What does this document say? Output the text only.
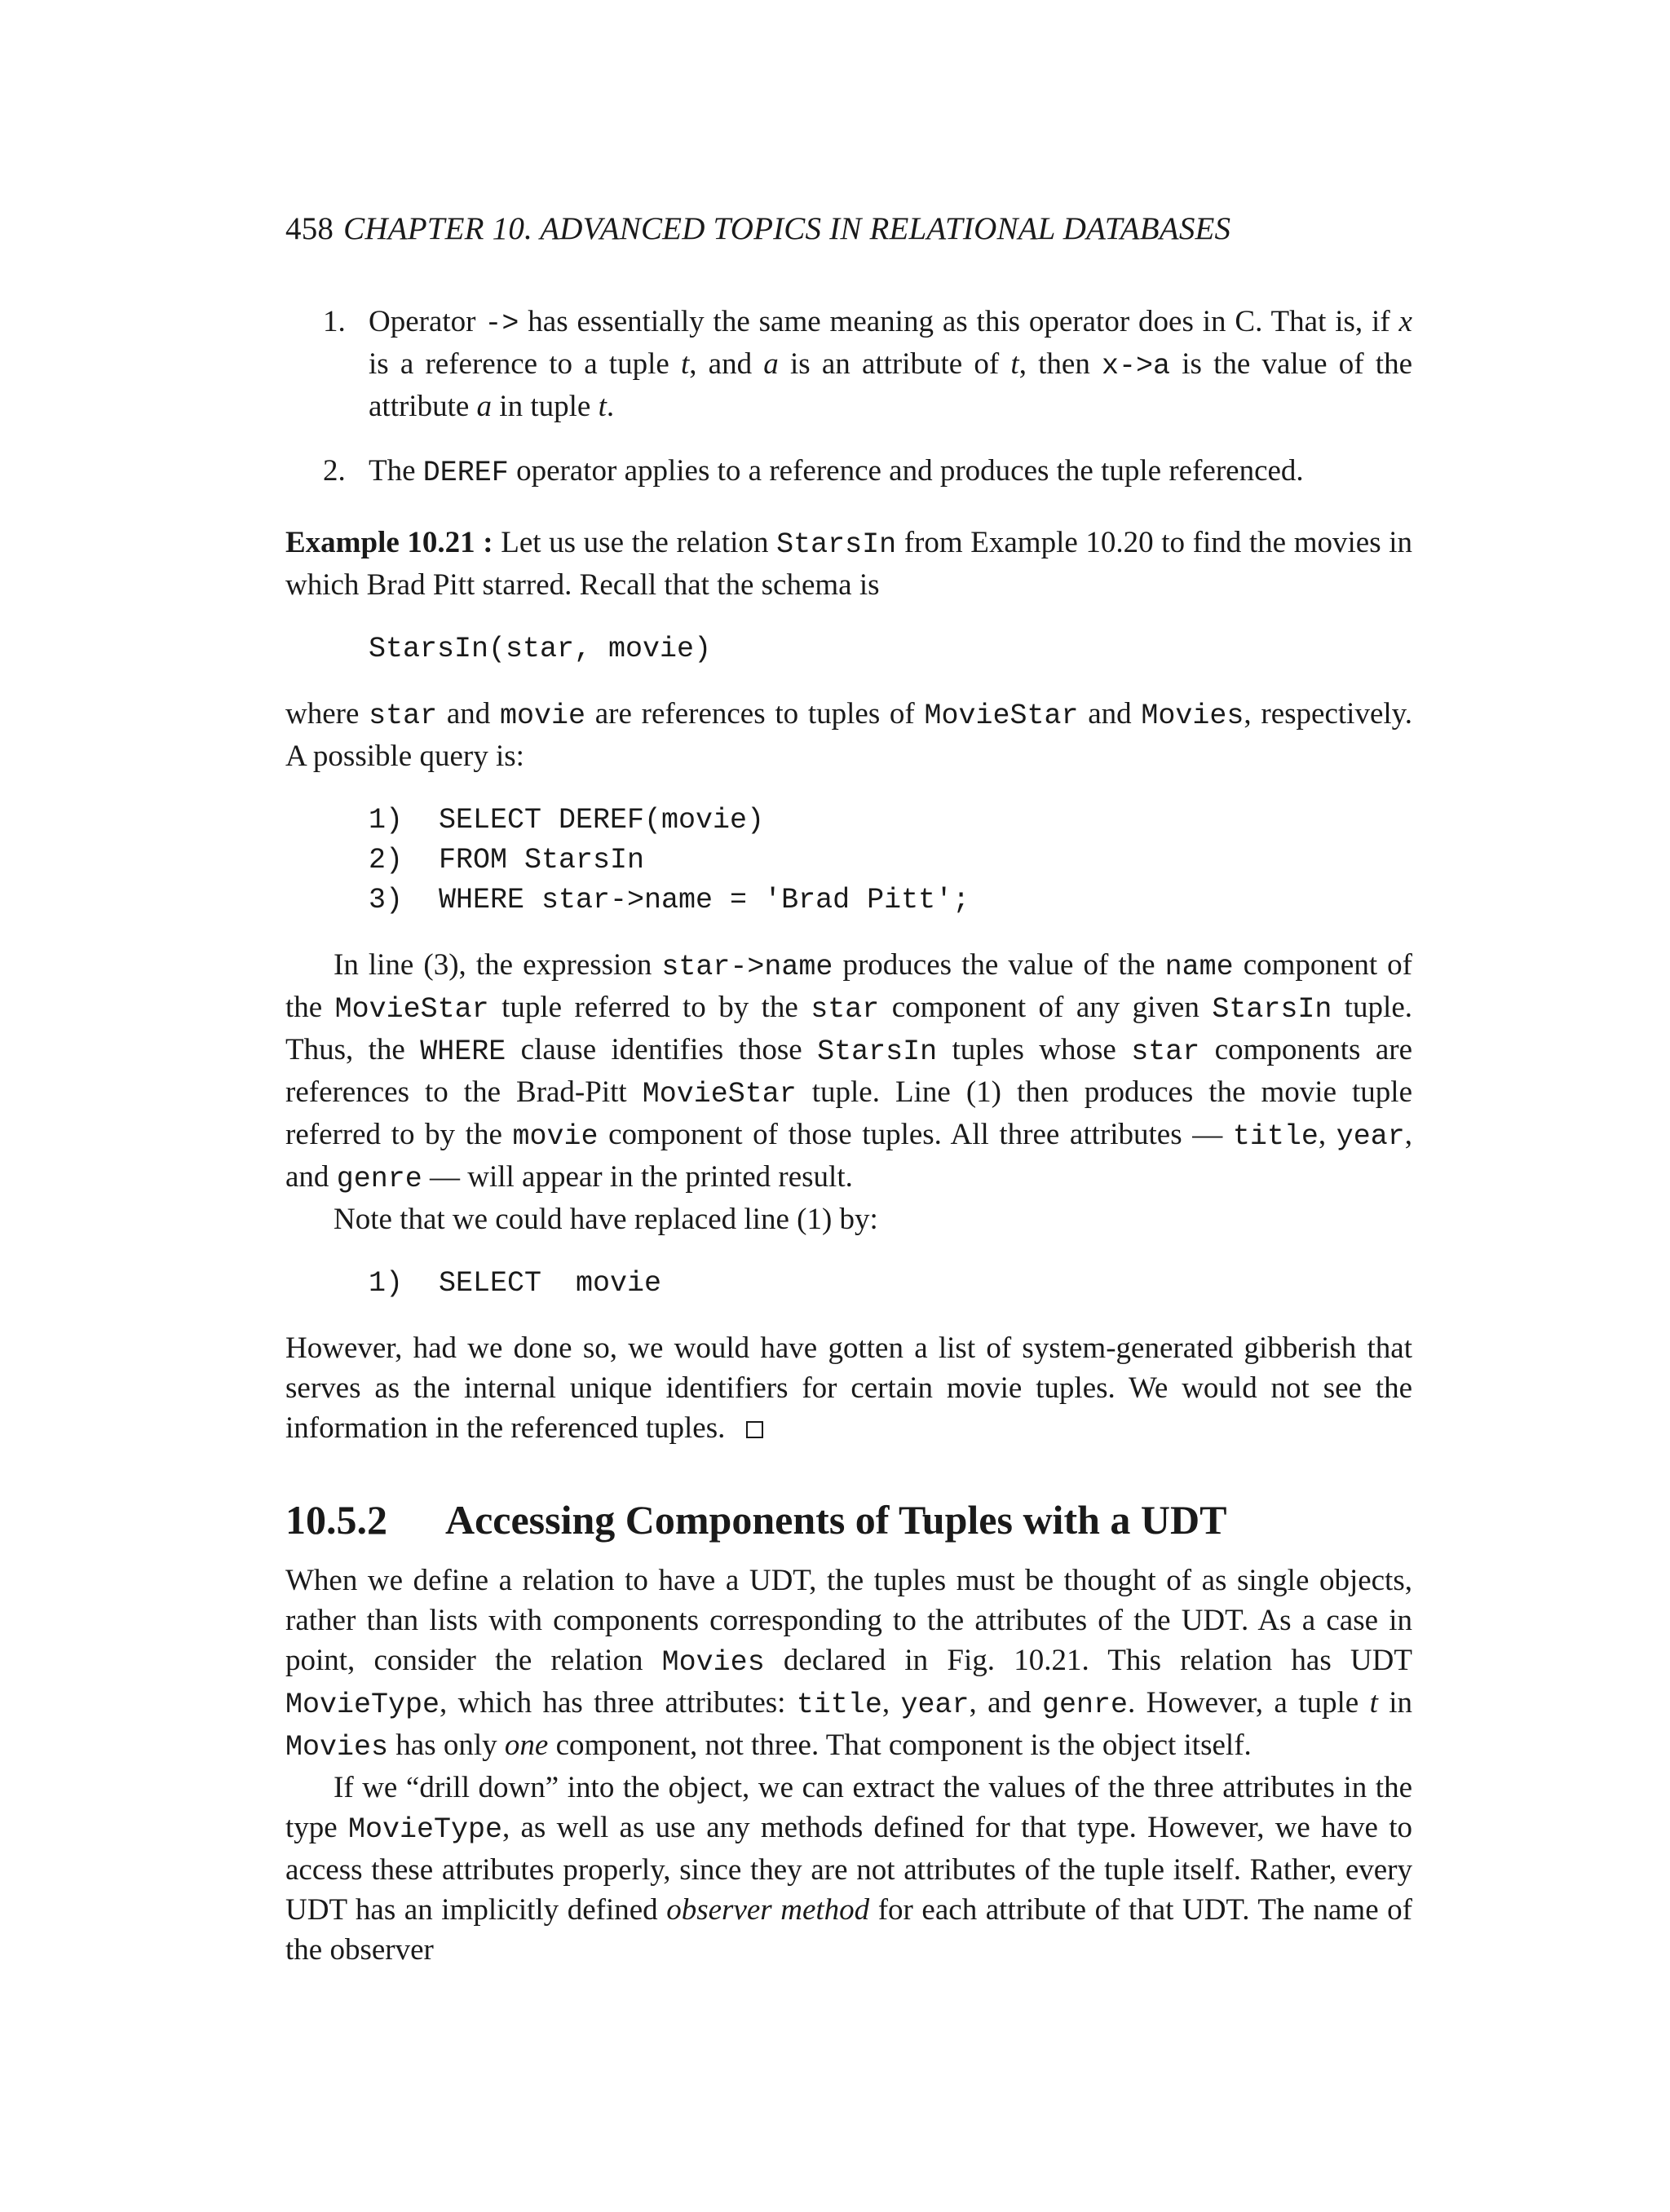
458 CHAPTER 10. ADVANCED TOPICS IN RELATIONAL DATABASES
1. Operator -> has essentially the same meaning as this operator does in C. That is, if x is a reference to a tuple t, and a is an attribute of t, then x->a is the value of the attribute a in tuple t.
2. The DEREF operator applies to a reference and produces the tuple referenced.

Example 10.21 : Let us use the relation StarsIn from Example 10.20 to find the movies in which Brad Pitt starred. Recall that the schema is

StarsIn(star, movie)

where star and movie are references to tuples of MovieStar and Movies, respectively. A possible query is:

1) SELECT DEREF(movie)
2) FROM StarsIn
3) WHERE star->name = 'Brad Pitt';

In line (3), the expression star->name produces the value of the name component of the MovieStar tuple referred to by the star component of any given StarsIn tuple. Thus, the WHERE clause identifies those StarsIn tuples whose star components are references to the Brad-Pitt MovieStar tuple. Line (1) then produces the movie tuple referred to by the movie component of those tuples. All three attributes — title, year, and genre — will appear in the printed result.

Note that we could have replaced line (1) by:

1) SELECT  movie

However, had we done so, we would have gotten a list of system-generated gibberish that serves as the internal unique identifiers for certain movie tuples. We would not see the information in the referenced tuples.

10.5.2 Accessing Components of Tuples with a UDT

When we define a relation to have a UDT, the tuples must be thought of as single objects, rather than lists with components corresponding to the attributes of the UDT. As a case in point, consider the relation Movies declared in Fig. 10.21. This relation has UDT MovieType, which has three attributes: title, year, and genre. However, a tuple t in Movies has only one component, not three. That component is the object itself.

If we “drill down” into the object, we can extract the values of the three attributes in the type MovieType, as well as use any methods defined for that type. However, we have to access these attributes properly, since they are not attributes of the tuple itself. Rather, every UDT has an implicitly defined observer method for each attribute of that UDT. The name of the observer
